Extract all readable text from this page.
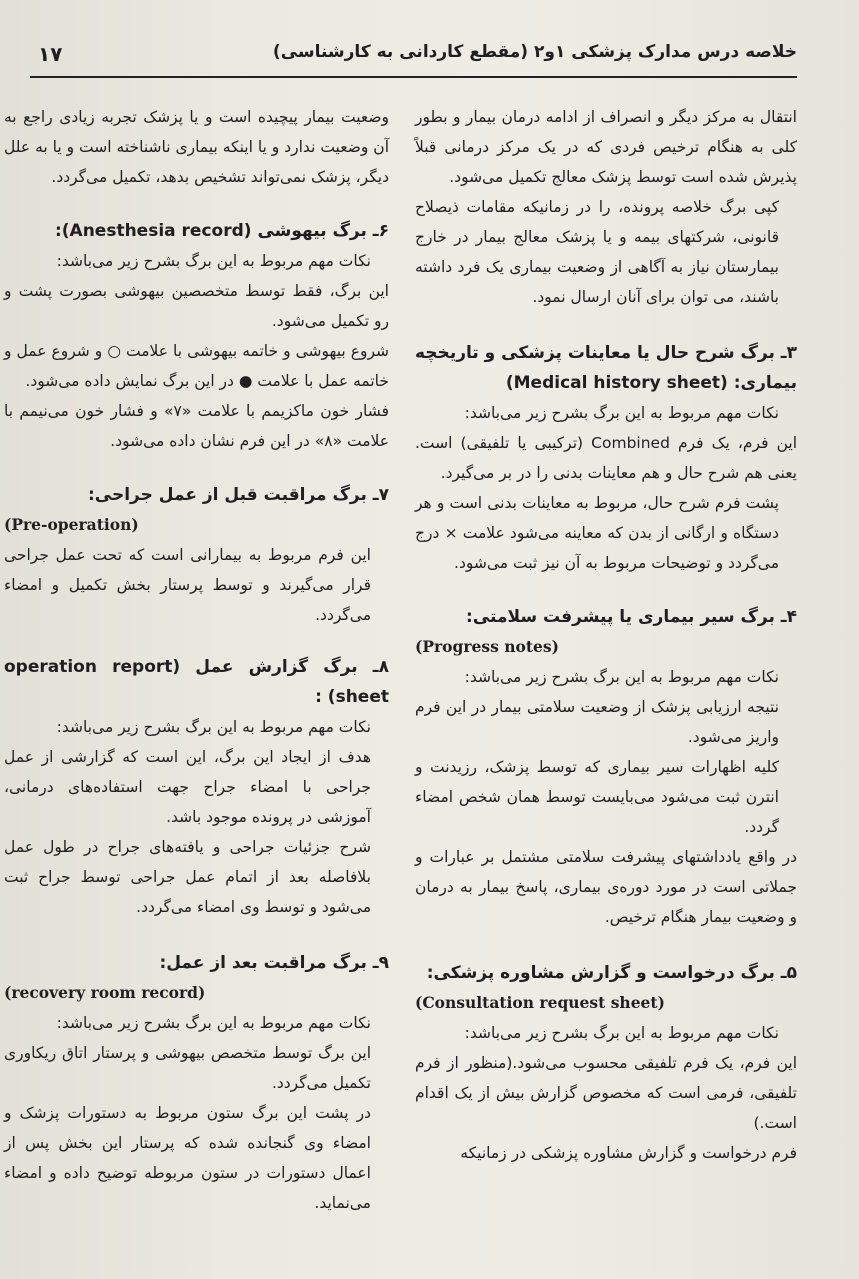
خلاصه درس مدارک پزشکی ۱و۲ (مقطع کاردانی به کارشناسی)
۱۷

انتقال به مرکز دیگر و انصراف از ادامه درمان بیمار و بطور کلی به هنگام ترخیص فردی که در یک مرکز درمانی قبلاً پذیرش شده است توسط پزشک معالج تکمیل می‌شود.

کپی برگ خلاصه پرونده، را در زمانیکه مقامات ذیصلاح قانونی، شرکتهای بیمه و یا پزشک معالج بیمار در خارج بیمارستان نیاز به آگاهی از وضعیت بیماری یک فرد داشته باشند، می توان برای آنان ارسال نمود.

۳ـ برگ شرح حال یا معاینات پزشکی و تاریخچه بیماری: (Medical history sheet)

نکات مهم مربوط به این برگ بشرح زیر می‌باشد:

این فرم، یک فرم Combined (ترکیبی یا تلفیقی) است. یعنی هم شرح حال و هم معاینات بدنی را در بر می‌گیرد.

پشت فرم شرح حال، مربوط به معاینات بدنی است و هر دستگاه و ارگانی از بدن که معاینه می‌شود علامت × درج می‌گردد و توضیحات مربوط به آن نیز ثبت می‌شود.

۴ـ برگ سیر بیماری یا پیشرفت سلامتی:
(Progress notes)

نکات مهم مربوط به این برگ بشرح زیر می‌باشد:

نتیجه ارزیابی پزشک از وضعیت سلامتی بیمار در این فرم واریز می‌شود.

کلیه اظهارات سیر بیماری که توسط پزشک، رزیدنت و انترن ثبت می‌شود می‌بایست توسط همان شخص امضاء گردد.

در واقع یادداشتهای پیشرفت سلامتی مشتمل بر عبارات و جملاتی است در مورد دوره‌ی بیماری، پاسخ بیمار به درمان و وضعیت بیمار هنگام ترخیص.

۵ـ برگ درخواست و گزارش مشاوره پزشکی:
(Consultation request sheet)

نکات مهم مربوط به این برگ بشرح زیر می‌باشد:

این فرم، یک فرم تلفیقی محسوب می‌شود.(منظور از فرم تلفیقی، فرمی است که مخصوص گزارش بیش از یک اقدام است.)

فرم درخواست و گزارش مشاوره پزشکی در زمانیکه

وضعیت بیمار پیچیده است و یا پزشک تجربه زیادی راجع به آن وضعیت ندارد و یا اینکه بیماری ناشناخته است و یا به علل دیگر، پزشک نمی‌تواند تشخیص بدهد، تکمیل می‌گردد.

۶ـ برگ بیهوشی (Anesthesia record):

نکات مهم مربوط به این برگ بشرح زیر می‌باشد:

این برگ، فقط توسط متخصصین بیهوشی بصورت پشت و رو تکمیل می‌شود.

شروع بیهوشی و خاتمه بیهوشی با علامت ○ و شروع عمل و خاتمه عمل با علامت ● در این برگ نمایش داده می‌شود.

فشار خون ماکزیمم با علامت «۷» و فشار خون می‌نیمم با علامت «۸» در این فرم نشان داده می‌شود.

۷ـ برگ مراقبت قبل از عمل جراحی:
(Pre-operation)

این فرم مربوط به بیمارانی است که تحت عمل جراحی قرار می‌گیرند و توسط پرستار بخش تکمیل و امضاء می‌گردد.

۸ـ برگ گزارش عمل (operation report sheet) :

نکات مهم مربوط به این برگ بشرح زیر می‌باشد:

هدف از ایجاد این برگ، این است که گزارشی از عمل جراحی با امضاء جراح جهت استفاده‌های درمانی، آموزشی در پرونده موجود باشد.

شرح جزئیات جراحی و یافته‌های جراح در طول عمل بلافاصله بعد از اتمام عمل جراحی توسط جراح ثبت می‌شود و توسط وی امضاء می‌گردد.

۹ـ برگ مراقبت بعد از عمل:
(recovery room record)

نکات مهم مربوط به این برگ بشرح زیر می‌باشد:

این برگ توسط متخصص بیهوشی و پرستار اتاق ریکاوری تکمیل می‌گردد.

در پشت این برگ ستون مربوط به دستورات پزشک و امضاء وی گنجانده شده که پرستار این بخش پس از اعمال دستورات در ستون مربوطه توضیح داده و امضاء می‌نماید.
